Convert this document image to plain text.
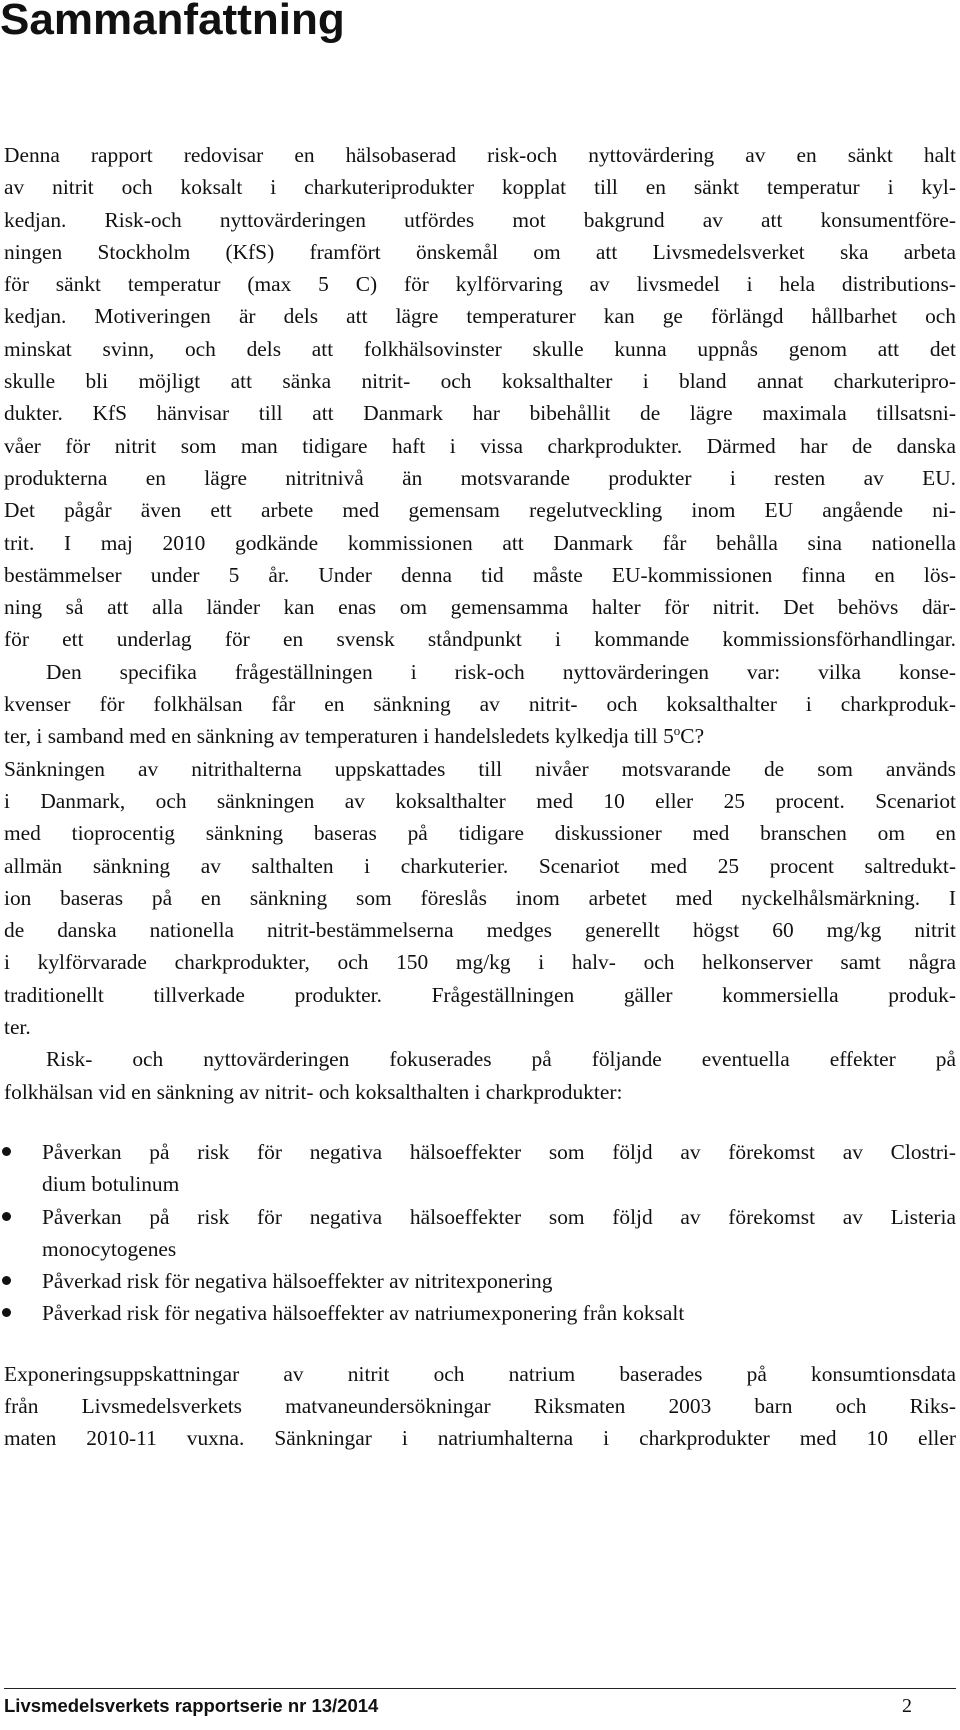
Sammanfattning
Denna rapport redovisar en hälsobaserad risk-och nyttovärdering av en sänkt halt
av nitrit och koksalt i charkuteriprodukter kopplat till en sänkt temperatur i kyl-
kedjan. Risk-och nyttovärderingen utfördes mot bakgrund av att konsumentföre-
ningen Stockholm (KfS) framfört önskemål om att Livsmedelsverket ska arbeta
för sänkt temperatur (max 5 C) för kylförvaring av livsmedel i hela distributions-
kedjan. Motiveringen är dels att lägre temperaturer kan ge förlängd hållbarhet och
minskat svinn, och dels att folkhälsovinster skulle kunna uppnås genom att det
skulle bli möjligt att sänka nitrit- och koksalthalter i bland annat charkuteripro-
dukter. KfS hänvisar till att Danmark har bibehållit de lägre maximala tillsatsni-
våer för nitrit som man tidigare haft i vissa charkprodukter. Därmed har de danska
produkterna en lägre nitritnivå än motsvarande produkter i resten av EU.
Det pågår även ett arbete med gemensam regelutveckling inom EU angående ni-
trit. I maj 2010 godkände kommissionen att Danmark får behålla sina nationella
bestämmelser under 5 år. Under denna tid måste EU-kommissionen finna en lös-
ning så att alla länder kan enas om gemensamma halter för nitrit. Det behövs där-
för ett underlag för en svensk ståndpunkt i kommande kommissionsförhandlingar.
Den specifika frågeställningen i risk-och nyttovärderingen var: vilka konse-
kvenser för folkhälsan får en sänkning av nitrit- och koksalthalter i charkproduk-
ter, i samband med en sänkning av temperaturen i handelsledets kylkedja till 5$^o$C?
Sänkningen av nitrithalterna uppskattades till nivåer motsvarande de som används
i Danmark, och sänkningen av koksalthalter med 10 eller 25 procent. Scenariot
med tioprocentig sänkning baseras på tidigare diskussioner med branschen om en
allmän sänkning av salthalten i charkuterier. Scenariot med 25 procent saltredukt-
ion baseras på en sänkning som föreslås inom arbetet med nyckelhålsmärkning. I
de danska nationella nitrit-bestämmelserna medges generellt högst 60 mg/kg nitrit
i kylförvarade charkprodukter, och 150 mg/kg i halv- och helkonserver samt några
traditionellt tillverkade produkter. Frågeställningen gäller kommersiella produk-
ter.
Risk- och nyttovärderingen fokuserades på följande eventuella effekter på
folkhälsan vid en sänkning av nitrit- och koksalthalten i charkprodukter:
Påverkan på risk för negativa hälsoeffekter som följd av förekomst av Clostri-
dium botulinum
Påverkan på risk för negativa hälsoeffekter som följd av förekomst av Listeria
monocytogenes
Påverkad risk för negativa hälsoeffekter av nitritexponering
Påverkad risk för negativa hälsoeffekter av natriumexponering från koksalt
Exponeringsuppskattningar av nitrit och natrium baserades på konsumtionsdata
från Livsmedelsverkets matvaneundersökningar Riksmaten 2003 barn och Riks-
maten 2010-11 vuxna. Sänkningar i natriumhalterna i charkprodukter med 10 eller
Livsmedelsverkets rapportserie nr 13/2014	2
